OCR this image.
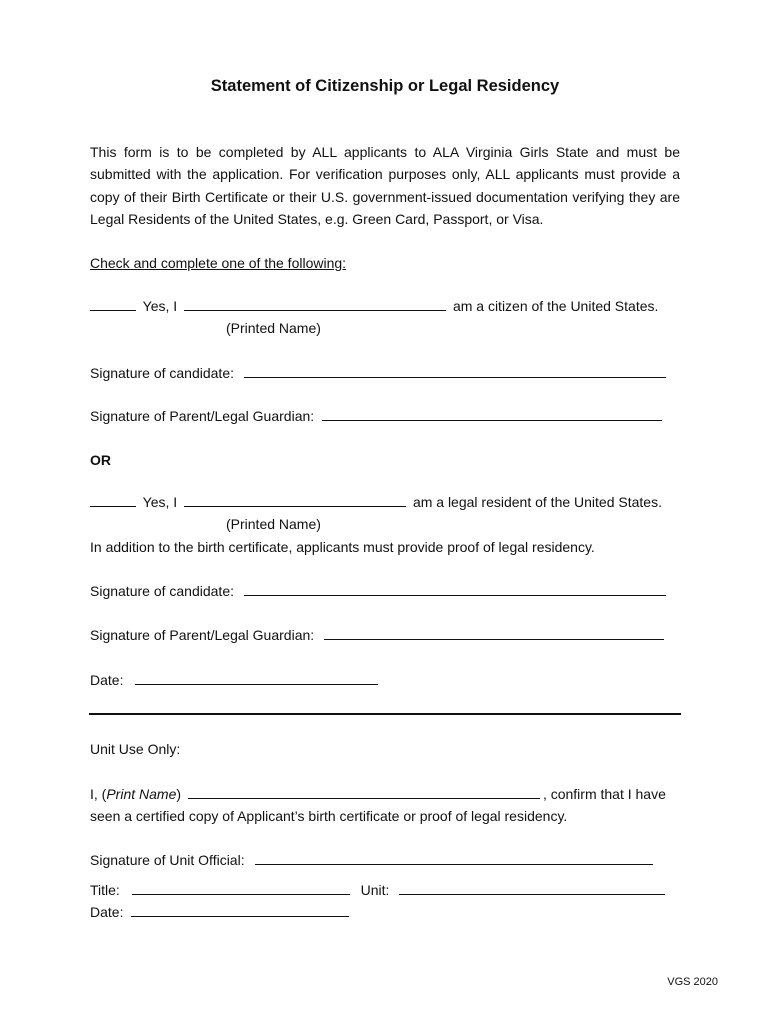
Statement of Citizenship or Legal Residency
This form is to be completed by ALL applicants to ALA Virginia Girls State and must be submitted with the application. For verification purposes only, ALL applicants must provide a copy of their Birth Certificate or their U.S. government-issued documentation verifying they are Legal Residents of the United States, e.g. Green Card, Passport, or Visa.
Check and complete one of the following:
Yes, I	am a citizen of the United States.
(Printed Name)
Signature of candidate:
Signature of Parent/Legal Guardian:
OR
Yes, I	am a legal resident of the United States.
(Printed Name)
In addition to the birth certificate, applicants must provide proof of legal residency.
Signature of candidate:
Signature of Parent/Legal Guardian:
Date:
Unit Use Only:
I, (Print Name)	, confirm that I have
seen a certified copy of Applicant’s birth certificate or proof of legal residency.
Signature of Unit Official:
Title:	Unit:
Date:
VGS 2020
